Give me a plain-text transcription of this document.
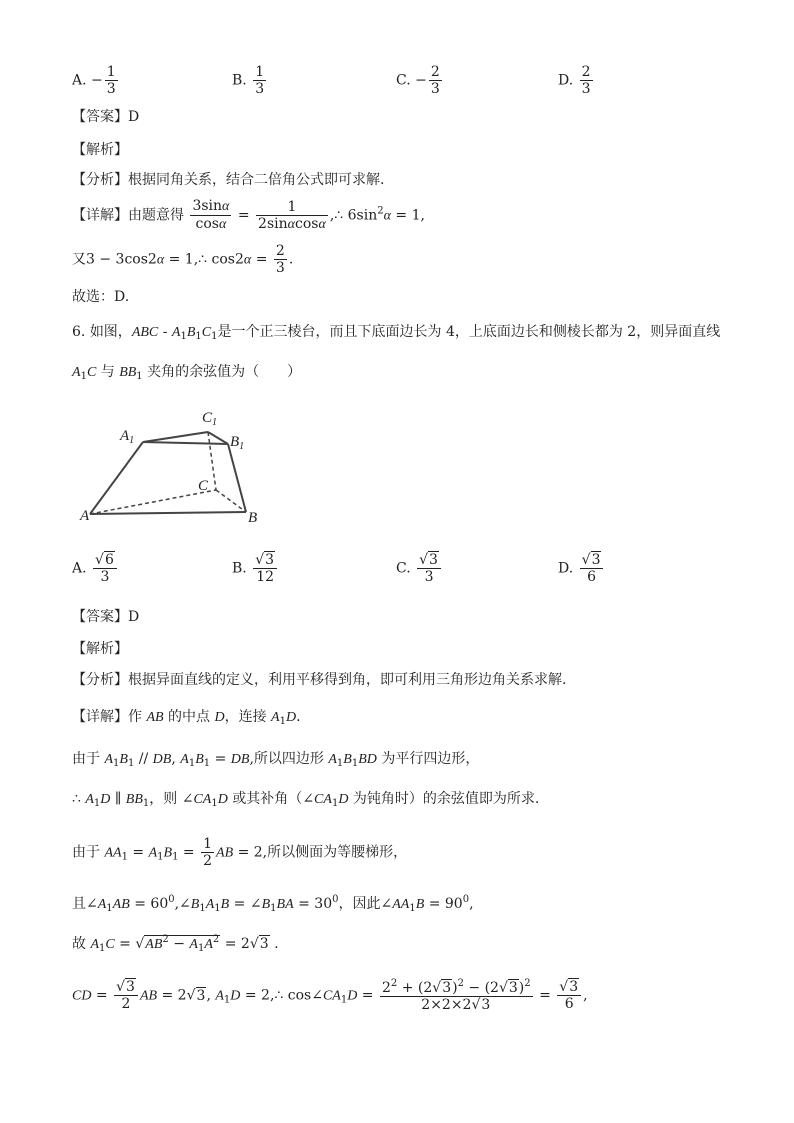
A. − $\frac{1}{3}$	B. $\frac{1}{3}$	C. − $\frac{2}{3}$	D. $\frac{2}{3}$
【答案】D
【解析】
【分析】根据同角关系，结合二倍角公式即可求解.
【详解】由题意得 $\frac{3\sin\alpha}{\cos\alpha} = \frac{1}{2\sin\alpha\cos\alpha}$ ,∴ $6\sin^2\alpha = 1$,
又3 − 3cos2α = 1,∴ $\cos 2\alpha = \frac{2}{3}$ .
故选：D.
6. 如图，ABC - $A_1B_1C_1$是一个正三棱台，而且下底面边长为 4，上底面边长和侧棱长都为 2，则异面直线
$A_1C$ 与 $BB_1$ 夹角的余弦值为（　　）
$A_1$
$C_1$
$B_1$
C
A	B
A. $\frac{√6}{3}$	B. $\frac{√3}{12}$	C. $\frac{√3}{3}$	D. $\frac{√3}{6}$
【答案】D
【解析】
【分析】根据异面直线的定义，利用平移得到角，即可利用三角形边角关系求解.
【详解】作 AB 的中点 D，连接 $A_1D$.
由于 $A_1B_1$ // DB, $A_1B_1$ = DB,所以四边形 $A_1B_1BD$ 为平行四边形，
∴ $A_1D$ ∥ $BB_1$，则 $\angle CA_1D$ 或其补角（$\angle CA_1D$ 为钝角时）的余弦值即为所求.
由于 $AA_1 = A_1B_1 = \frac{1}{2}$ AB = 2,所以侧面为等腰梯形，
且$\angle A_1AB$ = $60^0,\angle B_1A_1B$ = $\angle B_1BA = 30^0$，因此$\angle AA_1B = 90^0$,
故 $A_1C = √AB^2 - A_1A^2 = 2√3$ .
CD = $\frac{√3}{2}$ AB = 2√3, $A_1D$ = 2,∴ $\cos\angle CA_1D = \frac{2^2 + (2√3)^2 - (2√3)^2}{2\times 2\times 2√3} = \frac{√3}{6}$ ,
